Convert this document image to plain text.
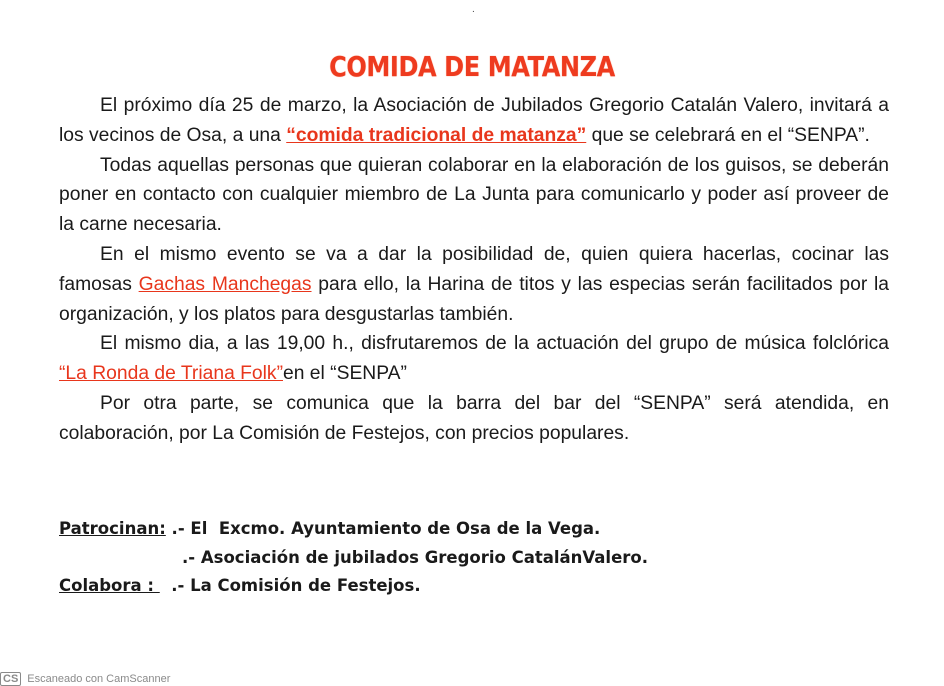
.
COMIDA DE MATANZA

El próximo día 25 de marzo, la Asociación de Jubilados Gregorio Catalán Valero, invitará a los vecinos de Osa, a una “comida tradicional de matanza” que se celebrará en el “SENPA”.

Todas aquellas personas que quieran colaborar en la elaboración de los guisos, se deberán poner en contacto con cualquier miembro de La Junta para comunicarlo y poder así proveer de la carne necesaria.

En el mismo evento se va a dar la posibilidad de, quien quiera hacerlas, cocinar las famosas Gachas Manchegas para ello, la Harina de titos y las especias serán facilitados por la organización, y los platos para desgustarlas también.

El mismo dia, a las 19,00 h., disfrutaremos de la actuación del grupo de música folclórica “La Ronda de Triana Folk”en el “SENPA”

Por otra parte, se comunica que la barra del bar del “SENPA” será atendida, en colaboración, por La Comisión de Festejos, con precios populares.

Patrocinan: .- El  Excmo. Ayuntamiento de Osa de la Vega.
.- Asociación de jubilados Gregorio CatalánValero.
Colabora :   .- La Comisión de Festejos.
CS Escaneado con CamScanner
